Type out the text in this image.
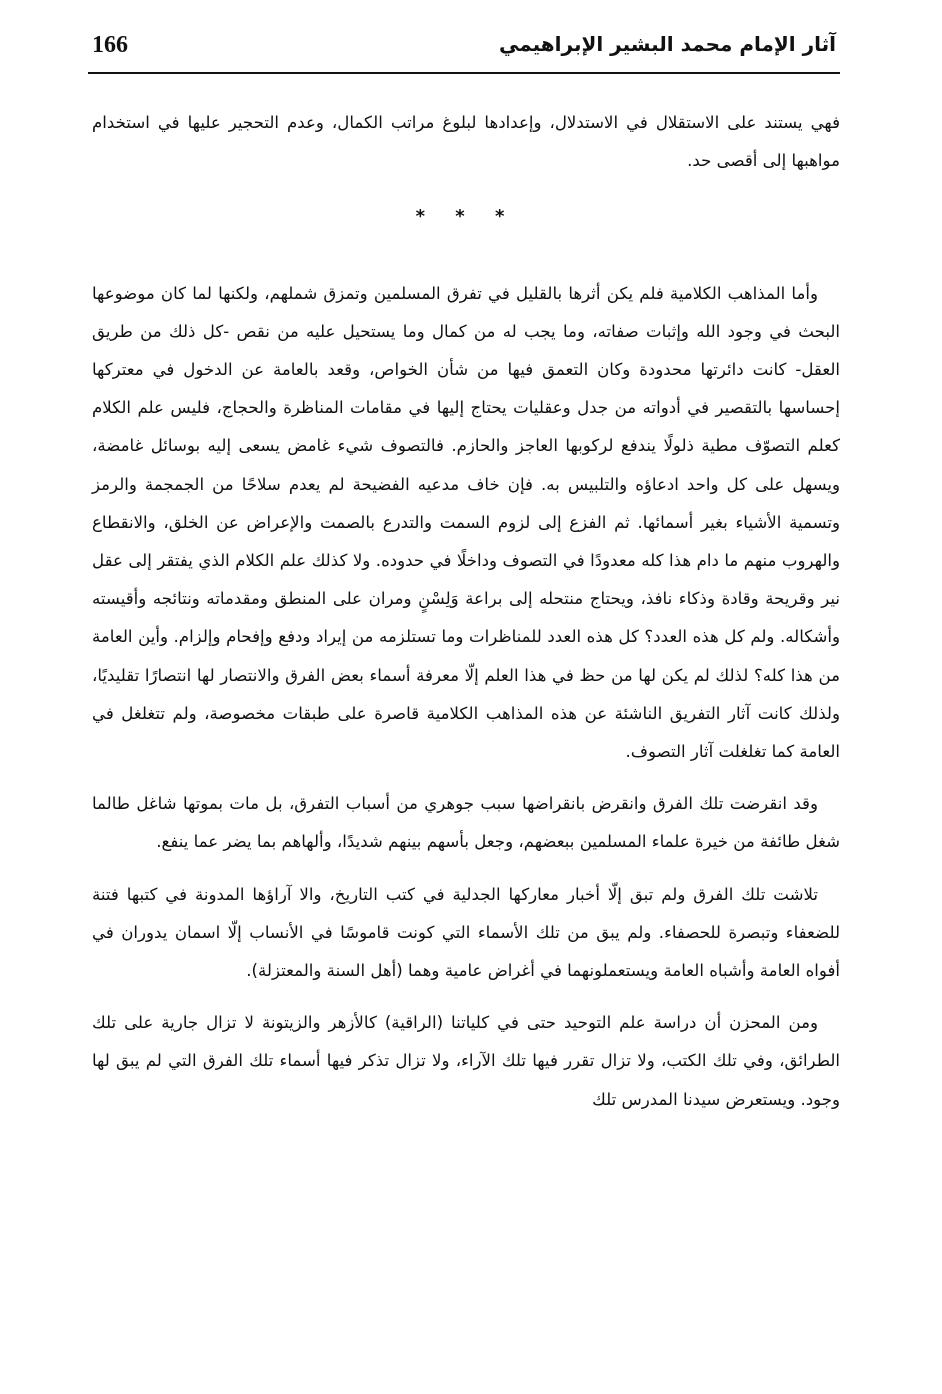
166	آثار الإمام محمد البشير الإبراهيمي

فهي يستند على الاستقلال في الاستدلال، وإعدادها لبلوغ مراتب الكمال، وعدم التحجير عليها في استخدام مواهبها إلى أقصى حد.

* * *

وأما المذاهب الكلامية فلم يكن أثرها بالقليل في تفرق المسلمين وتمزق شملهم، ولكنها لما كان موضوعها البحث في وجود الله وإثبات صفاته، وما يجب له من كمال وما يستحيل عليه من نقص -كل ذلك من طريق العقل- كانت دائرتها محدودة وكان التعمق فيها من شأن الخواص، وقعد بالعامة عن الدخول في معتركها إحساسها بالتقصير في أدواته من جدل وعقليات يحتاج إليها في مقامات المناظرة والحجاج، فليس علم الكلام كعلم التصوّف مطية ذلولًا يندفع لركوبها العاجز والحازم. فالتصوف شيء غامض يسعى إليه بوسائل غامضة، ويسهل على كل واحد ادعاؤه والتلبيس به. فإن خاف مدعيه الفضيحة لم يعدم سلاحًا من الجمجمة والرمز وتسمية الأشياء بغير أسمائها. ثم الفزع إلى لزوم السمت والتدرع بالصمت والإعراض عن الخلق، والانقطاع والهروب منهم ما دام هذا كله معدودًا في التصوف وداخلًا في حدوده. ولا كذلك علم الكلام الذي يفتقر إلى عقل نير وقريحة وقادة وذكاء نافذ، ويحتاج منتحله إلى براعة وَلِسْنٍ ومران على المنطق ومقدماته ونتائجه وأقيسته وأشكاله. ولم كل هذه العدد؟ كل هذه العدد للمناظرات وما تستلزمه من إيراد ودفع وإفحام وإلزام. وأين العامة من هذا كله؟ لذلك لم يكن لها من حظ في هذا العلم إلّا معرفة أسماء بعض الفرق والانتصار لها انتصارًا تقليديًا، ولذلك كانت آثار التفريق الناشئة عن هذه المذاهب الكلامية قاصرة على طبقات مخصوصة، ولم تتغلغل في العامة كما تغلغلت آثار التصوف.

وقد انقرضت تلك الفرق وانقرض بانقراضها سبب جوهري من أسباب التفرق، بل مات بموتها شاغل طالما شغل طائفة من خيرة علماء المسلمين ببعضهم، وجعل بأسهم بينهم شديدًا، وألهاهم بما يضر عما ينفع.

تلاشت تلك الفرق ولم تبق إلّا أخبار معاركها الجدلية في كتب التاريخ، والا آراؤها المدونة في كتبها فتنة للضعفاء وتبصرة للحصفاء. ولم يبق من تلك الأسماء التي كونت قاموسًا في الأنساب إلّا اسمان يدوران في أفواه العامة وأشباه العامة ويستعملونهما في أغراض عامية وهما (أهل السنة والمعتزلة).

ومن المحزن أن دراسة علم التوحيد حتى في كلياتنا (الراقية) كالأزهر والزيتونة لا تزال جارية على تلك الطرائق، وفي تلك الكتب، ولا تزال تقرر فيها تلك الآراء، ولا تزال تذكر فيها أسماء تلك الفرق التي لم يبق لها وجود. ويستعرض سيدنا المدرس تلك
